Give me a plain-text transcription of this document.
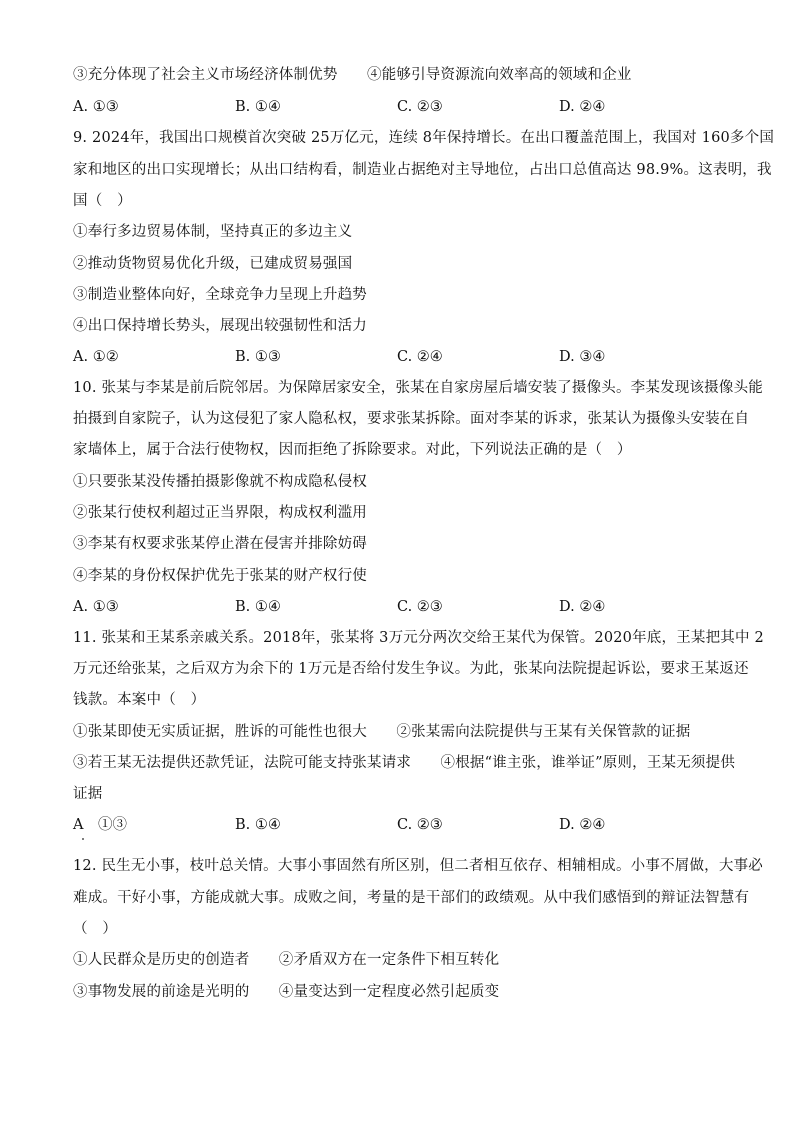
③充分体现了社会主义市场经济体制优势　　④能够引导资源流向效率高的领域和企业
A. ①③	B. ①④	C. ②③	D. ②④
9. 2024年，我国出口规模首次突破 25万亿元，连续 8年保持增长。在出口覆盖范围上，我国对 160多个国
家和地区的出口实现增长；从出口结构看，制造业占据绝对主导地位，占出口总值高达 98.9%。这表明，我
国（　）
①奉行多边贸易体制，坚持真正的多边主义
②推动货物贸易优化升级，已建成贸易强国
③制造业整体向好，全球竞争力呈现上升趋势
④出口保持增长势头，展现出较强韧性和活力
A. ①②	B. ①③	C. ②④	D. ③④
10. 张某与李某是前后院邻居。为保障居家安全，张某在自家房屋后墙安装了摄像头。李某发现该摄像头能
拍摄到自家院子，认为这侵犯了家人隐私权，要求张某拆除。面对李某的诉求，张某认为摄像头安装在自
家墙体上，属于合法行使物权，因而拒绝了拆除要求。对此，下列说法正确的是（　）
①只要张某没传播拍摄影像就不构成隐私侵权
②张某行使权利超过正当界限，构成权利滥用
③李某有权要求张某停止潜在侵害并排除妨碍
④李某的身份权保护优先于张某的财产权行使
A. ①③	B. ①④	C. ②③	D. ②④
11. 张某和王某系亲戚关系。2018年，张某将 3万元分两次交给王某代为保管。2020年底，王某把其中 2
万元还给张某，之后双方为余下的 1万元是否给付发生争议。为此，张某向法院提起诉讼，要求王某返还
钱款。本案中（　）
①张某即使无实质证据，胜诉的可能性也很大　　②张某需向法院提供与王某有关保管款的证据
③若王某无法提供还款凭证，法院可能支持张某请求　　④根据“谁主张，谁举证”原则，王某无须提供
证据
A　①③	B. ①④	C. ②③	D. ②④
12. 民生无小事，枝叶总关情。大事小事固然有所区别，但二者相互依存、相辅相成。小事不屑做，大事必
难成。干好小事，方能成就大事。成败之间，考量的是干部们的政绩观。从中我们感悟到的辩证法智慧有
（　）
①人民群众是历史的创造者　　②矛盾双方在一定条件下相互转化
③事物发展的前途是光明的　　④量变达到一定程度必然引起质变
